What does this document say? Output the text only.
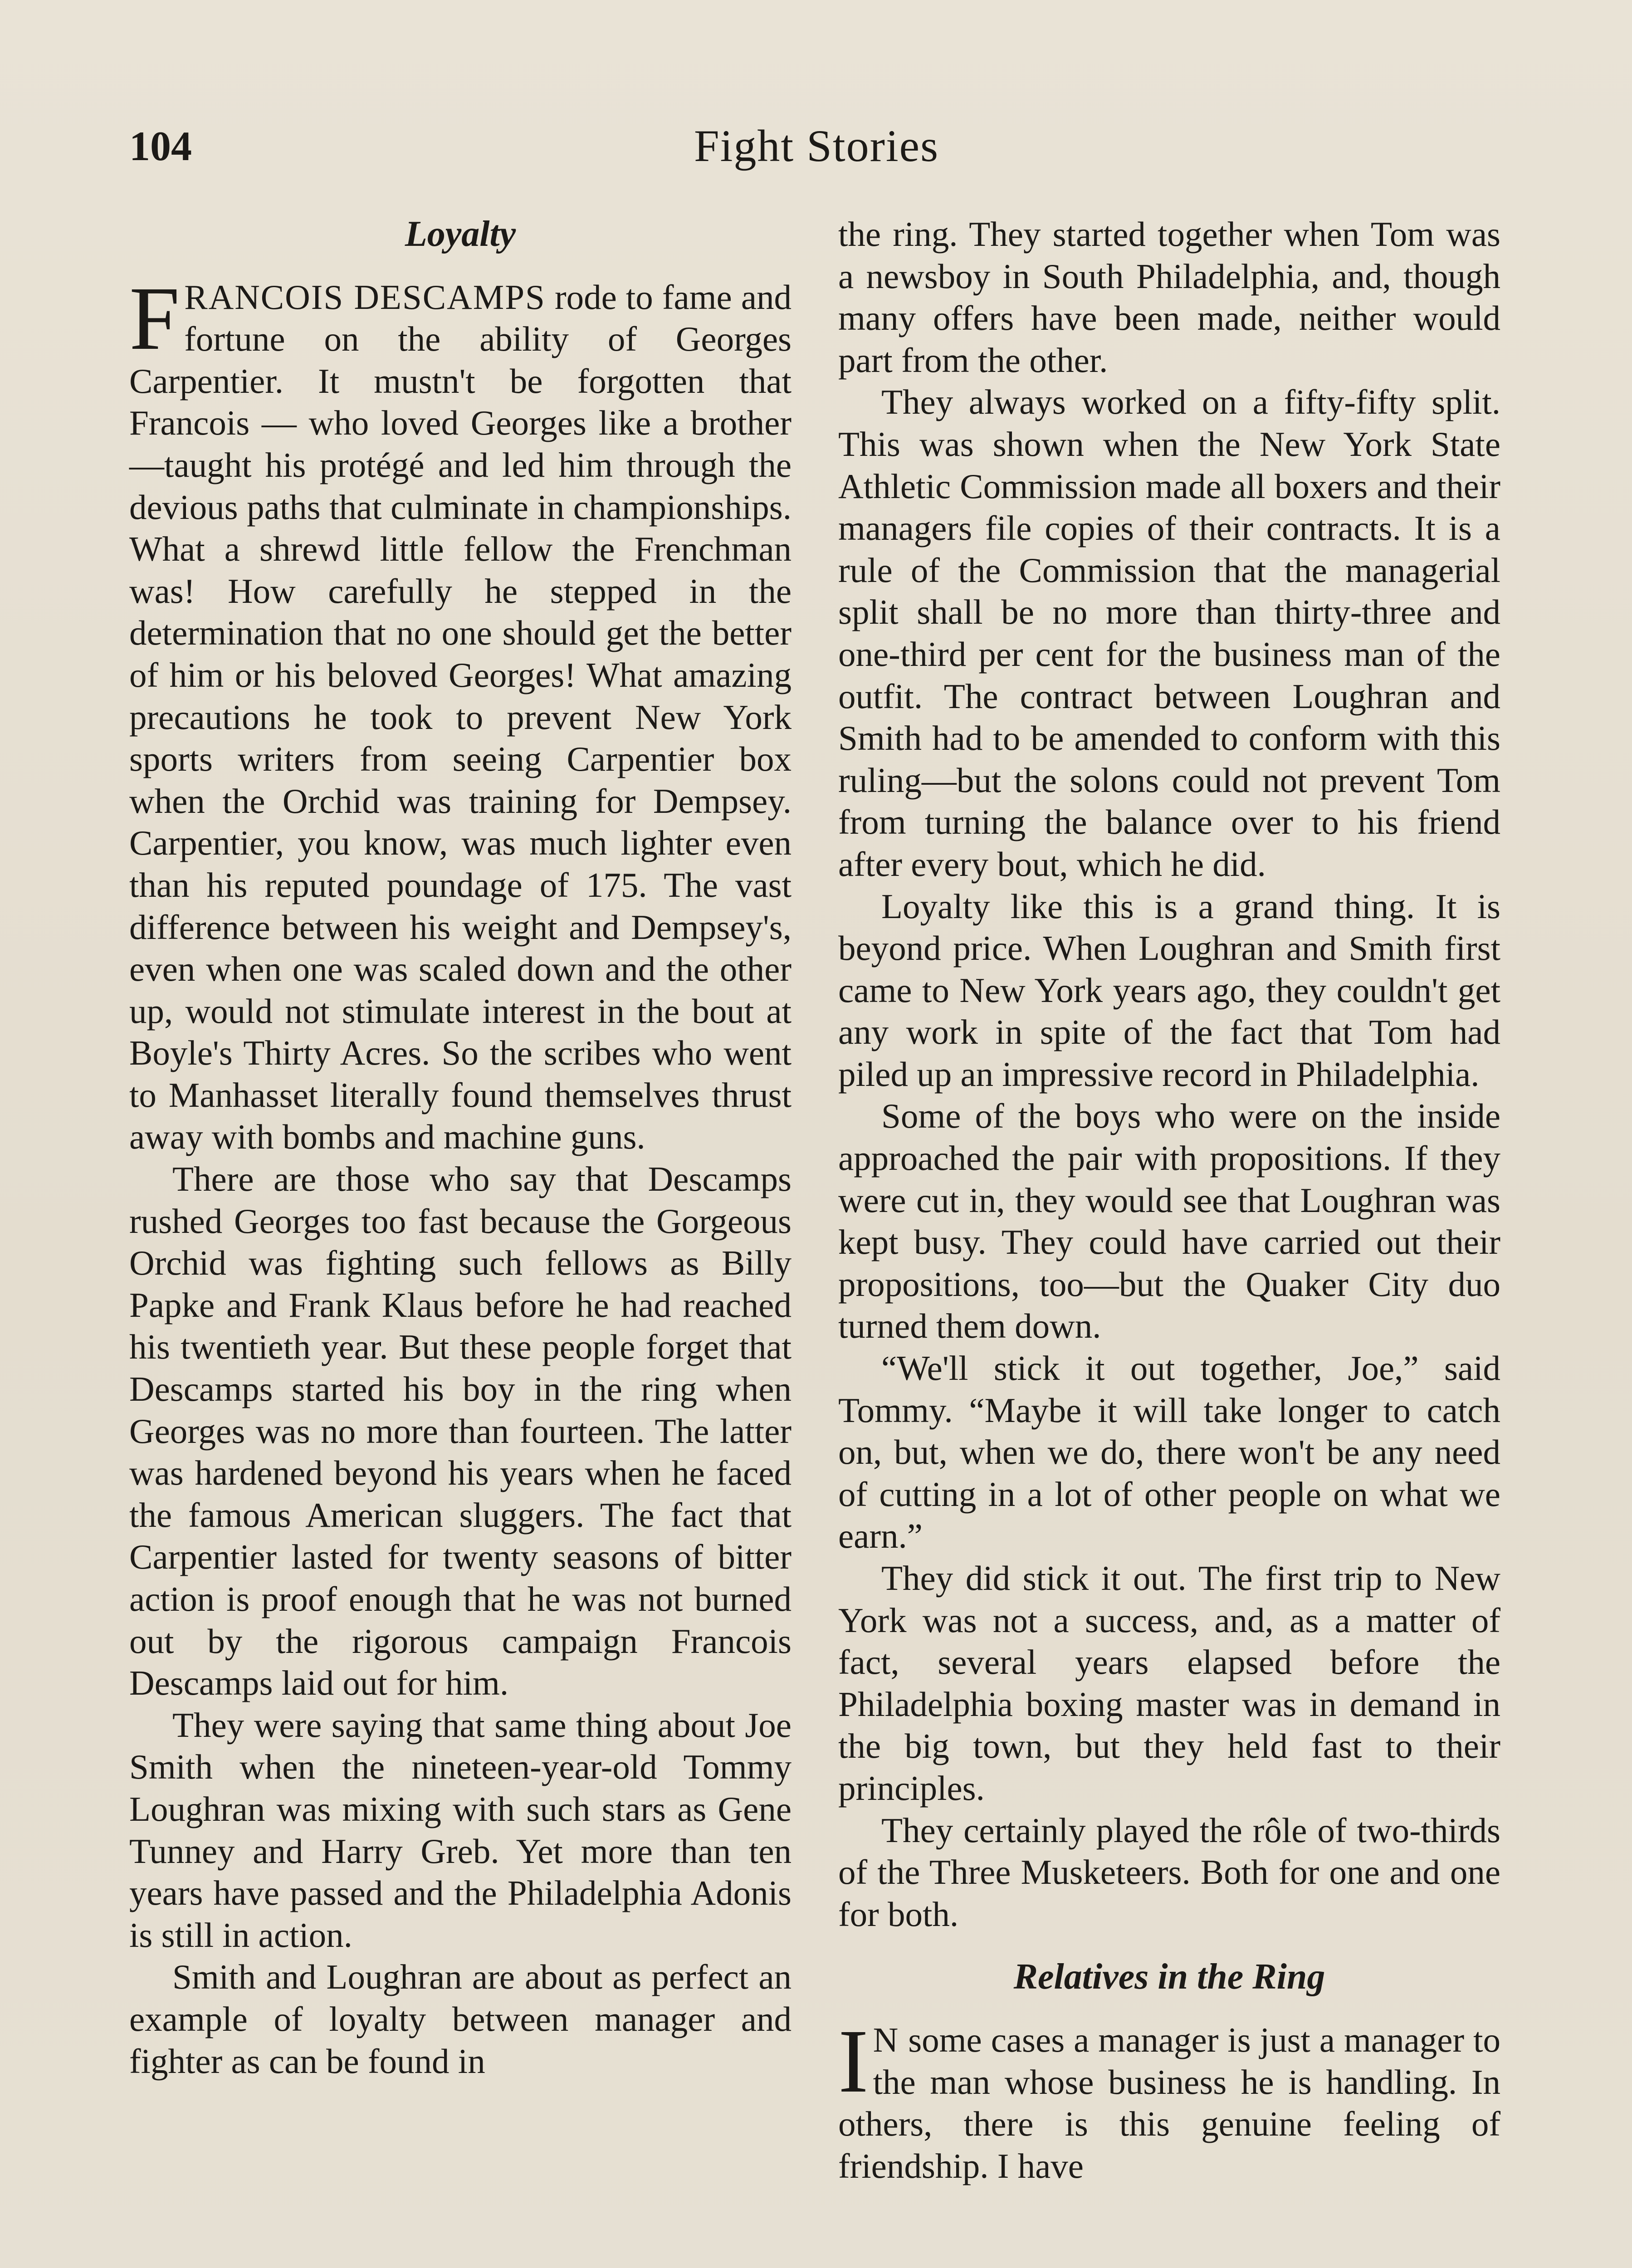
104	Fight Stories
Loyalty

FRANCOIS DESCAMPS rode to fame and fortune on the ability of Georges Carpentier. It mustn't be forgotten that Francois — who loved Georges like a brother—taught his protégé and led him through the devious paths that culminate in championships. What a shrewd little fellow the Frenchman was! How carefully he stepped in the determination that no one should get the better of him or his beloved Georges! What amazing precautions he took to prevent New York sports writers from seeing Carpentier box when the Orchid was training for Dempsey. Carpentier, you know, was much lighter even than his reputed poundage of 175. The vast difference between his weight and Dempsey's, even when one was scaled down and the other up, would not stimulate interest in the bout at Boyle's Thirty Acres. So the scribes who went to Manhasset literally found themselves thrust away with bombs and machine guns.

There are those who say that Descamps rushed Georges too fast because the Gorgeous Orchid was fighting such fellows as Billy Papke and Frank Klaus before he had reached his twentieth year. But these people forget that Descamps started his boy in the ring when Georges was no more than fourteen. The latter was hardened beyond his years when he faced the famous American sluggers. The fact that Carpentier lasted for twenty seasons of bitter action is proof enough that he was not burned out by the rigorous campaign Francois Descamps laid out for him.

They were saying that same thing about Joe Smith when the nineteen-year-old Tommy Loughran was mixing with such stars as Gene Tunney and Harry Greb. Yet more than ten years have passed and the Philadelphia Adonis is still in action.

Smith and Loughran are about as perfect an example of loyalty between manager and fighter as can be found in

the ring. They started together when Tom was a newsboy in South Philadelphia, and, though many offers have been made, neither would part from the other.

They always worked on a fifty-fifty split. This was shown when the New York State Athletic Commission made all boxers and their managers file copies of their contracts. It is a rule of the Commission that the managerial split shall be no more than thirty-three and one-third per cent for the business man of the outfit. The contract between Loughran and Smith had to be amended to conform with this ruling—but the solons could not prevent Tom from turning the balance over to his friend after every bout, which he did.

Loyalty like this is a grand thing. It is beyond price. When Loughran and Smith first came to New York years ago, they couldn't get any work in spite of the fact that Tom had piled up an impressive record in Philadelphia.

Some of the boys who were on the inside approached the pair with propositions. If they were cut in, they would see that Loughran was kept busy. They could have carried out their propositions, too—but the Quaker City duo turned them down.

“We'll stick it out together, Joe,” said Tommy. “Maybe it will take longer to catch on, but, when we do, there won't be any need of cutting in a lot of other people on what we earn.”

They did stick it out. The first trip to New York was not a success, and, as a matter of fact, several years elapsed before the Philadelphia boxing master was in demand in the big town, but they held fast to their principles.

They certainly played the rôle of two-thirds of the Three Musketeers. Both for one and one for both.

Relatives in the Ring

I N some cases a manager is just a manager to the man whose business he is handling. In others, there is this genuine feeling of friendship. I have
